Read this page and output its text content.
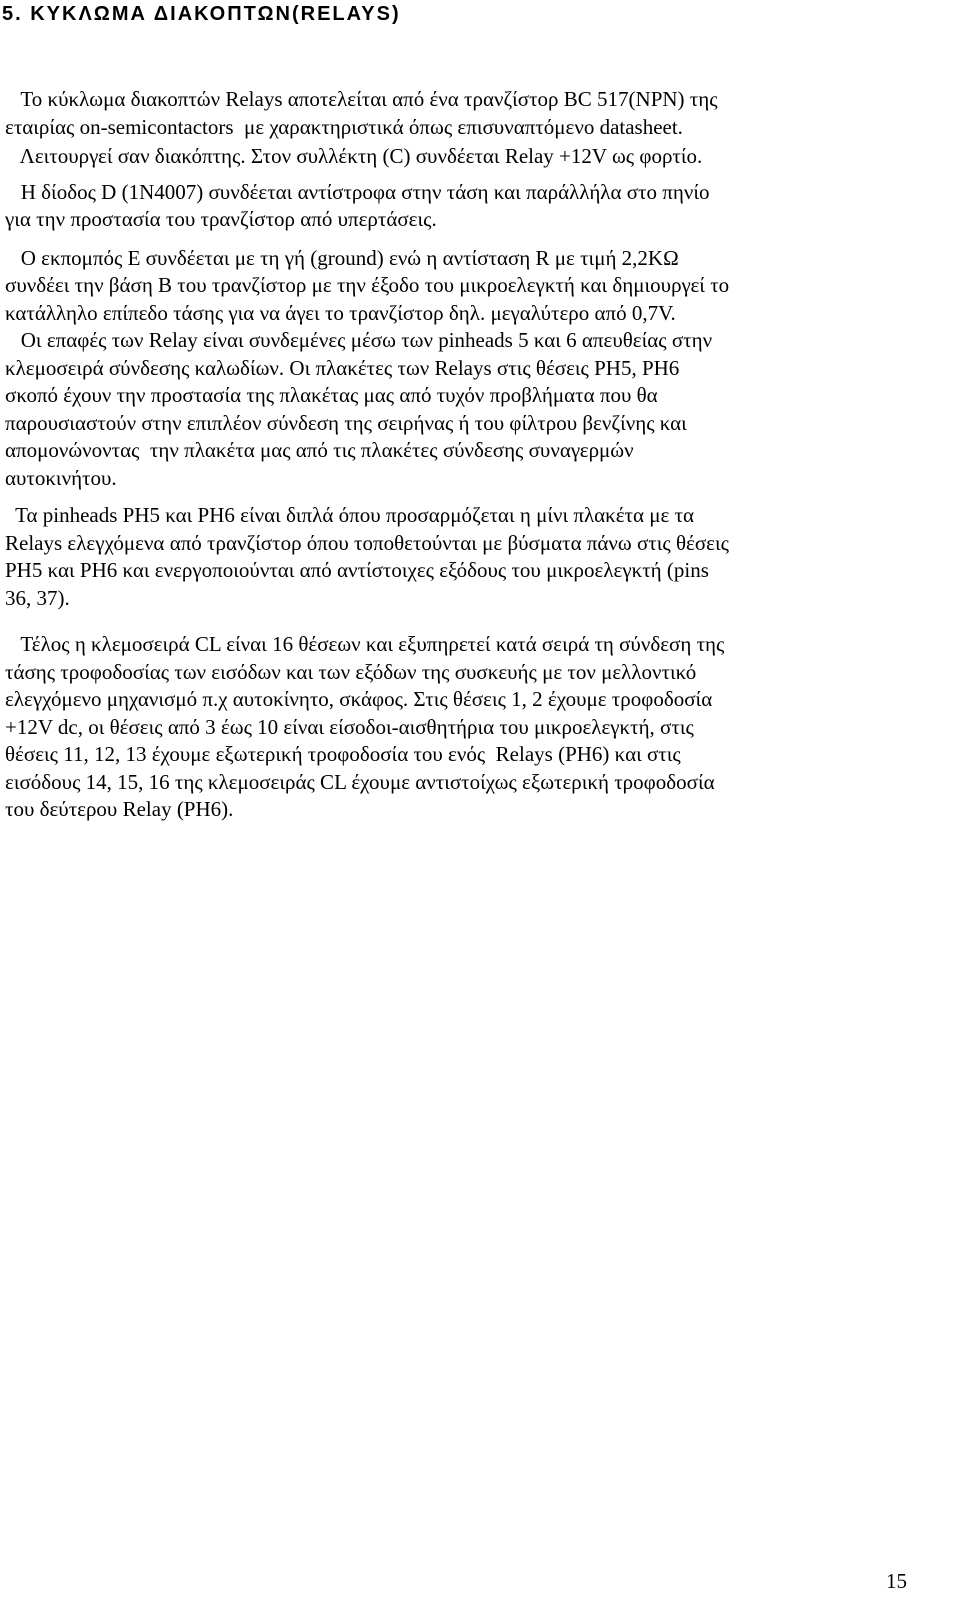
5. ΚΥΚΛΩΜΑ ΔΙΑΚΟΠΤΩΝ(RELAYS)

Το κύκλωμα διακοπτών Relays αποτελείται από ένα τρανζίστορ BC 517(NPN) της
εταιρίας on-semicontactors  με χαρακτηριστικά όπως επισυναπτόμενο datasheet.

Λειτουργεί σαν διακόπτης. Στον συλλέκτη (C) συνδέεται Relay +12V ως φορτίο.

Η δίοδος D (1N4007) συνδέεται αντίστροφα στην τάση και παράλλήλα στο πηνίο
για την προστασία του τρανζίστορ από υπερτάσεις.

Ο εκπομπός Ε συνδέεται με τη γή (ground) ενώ η αντίσταση R με τιμή 2,2ΚΩ
συνδέει την βάση Β του τρανζίστορ με την έξοδο του μικροελεγκτή και δημιουργεί το
κατάλληλο επίπεδο τάσης για να άγει το τρανζίστορ δηλ. μεγαλύτερο από 0,7V.

Οι επαφές των Relay είναι συνδεμένες μέσω των pinheads 5 και 6 απευθείας στην
κλεμοσειρά σύνδεσης καλωδίων. Οι πλακέτες των Relays στις θέσεις PH5, PH6
σκοπό έχουν την προστασία της πλακέτας μας από τυχόν προβλήματα που θα
παρουσιαστούν στην επιπλέον σύνδεση της σειρήνας ή του φίλτρου βενζίνης και
απομονώνοντας  την πλακέτα μας από τις πλακέτες σύνδεσης συναγερμών
αυτοκινήτου.

Τα pinheads PH5 και PH6 είναι διπλά όπου προσαρμόζεται η μίνι πλακέτα με τα
Relays ελεγχόμενα από τρανζίστορ όπου τοποθετούνται με βύσματα πάνω στις θέσεις
PH5 και PH6 και ενεργοποιούνται από αντίστοιχες εξόδους του μικροελεγκτή (pins
36, 37).

Τέλος η κλεμοσειρά CL είναι 16 θέσεων και εξυπηρετεί κατά σειρά τη σύνδεση της
τάσης τροφοδοσίας των εισόδων και των εξόδων της συσκευής με τον μελλοντικό
ελεγχόμενο μηχανισμό π.χ αυτοκίνητο, σκάφος. Στις θέσεις 1, 2 έχουμε τροφοδοσία
+12V dc, οι θέσεις από 3 έως 10 είναι είσοδοι-αισθητήρια του μικροελεγκτή, στις
θέσεις 11, 12, 13 έχουμε εξωτερική τροφοδοσία του ενός  Relays (PH6) και στις
εισόδους 14, 15, 16 της κλεμοσειράς CL έχουμε αντιστοίχως εξωτερική τροφοδοσία
του δεύτερου Relay (PH6).

15
